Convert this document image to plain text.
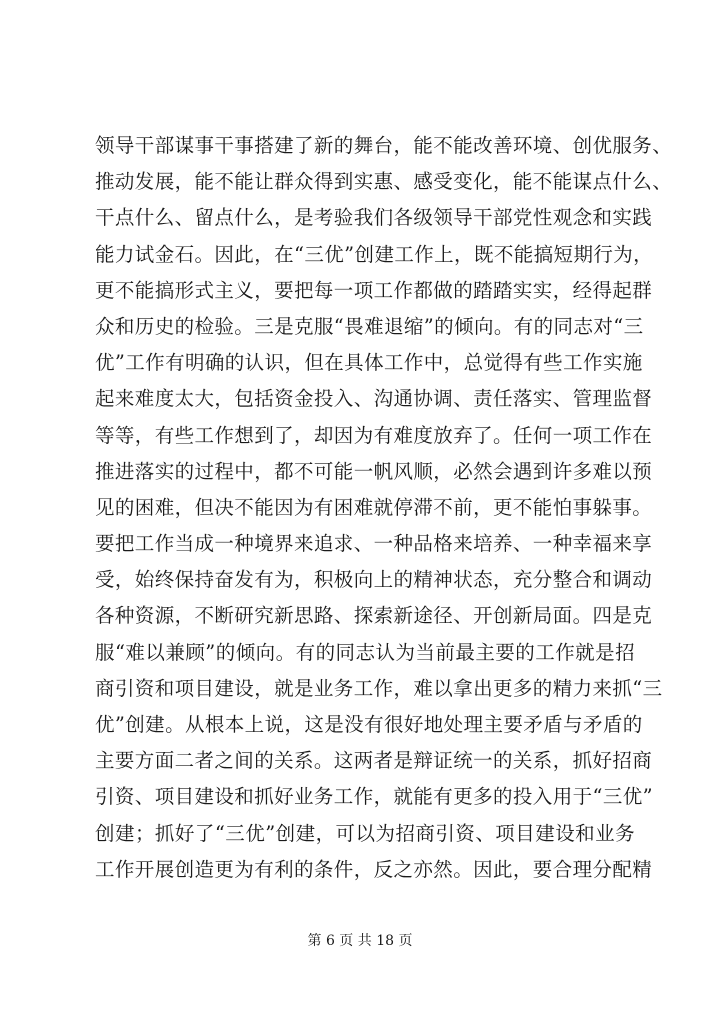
领导干部谋事干事搭建了新的舞台，能不能改善环境、创优服务、
推动发展，能不能让群众得到实惠、感受变化，能不能谋点什么、
干点什么、留点什么，是考验我们各级领导干部党性观念和实践
能力试金石。因此，在“三优”创建工作上，既不能搞短期行为，
更不能搞形式主义，要把每一项工作都做的踏踏实实，经得起群
众和历史的检验。三是克服“畏难退缩”的倾向。有的同志对“三
优”工作有明确的认识，但在具体工作中，总觉得有些工作实施
起来难度太大，包括资金投入、沟通协调、责任落实、管理监督
等等，有些工作想到了，却因为有难度放弃了。任何一项工作在
推进落实的过程中，都不可能一帆风顺，必然会遇到许多难以预
见的困难，但决不能因为有困难就停滞不前，更不能怕事躲事。
要把工作当成一种境界来追求、一种品格来培养、一种幸福来享
受，始终保持奋发有为，积极向上的精神状态，充分整合和调动
各种资源，不断研究新思路、探索新途径、开创新局面。四是克
服“难以兼顾”的倾向。有的同志认为当前最主要的工作就是招
商引资和项目建设，就是业务工作，难以拿出更多的精力来抓“三
优”创建。从根本上说，这是没有很好地处理主要矛盾与矛盾的
主要方面二者之间的关系。这两者是辩证统一的关系，抓好招商
引资、项目建设和抓好业务工作，就能有更多的投入用于“三优”
创建；抓好了“三优”创建，可以为招商引资、项目建设和业务
工作开展创造更为有利的条件，反之亦然。因此，要合理分配精
第 6 页 共 18 页
